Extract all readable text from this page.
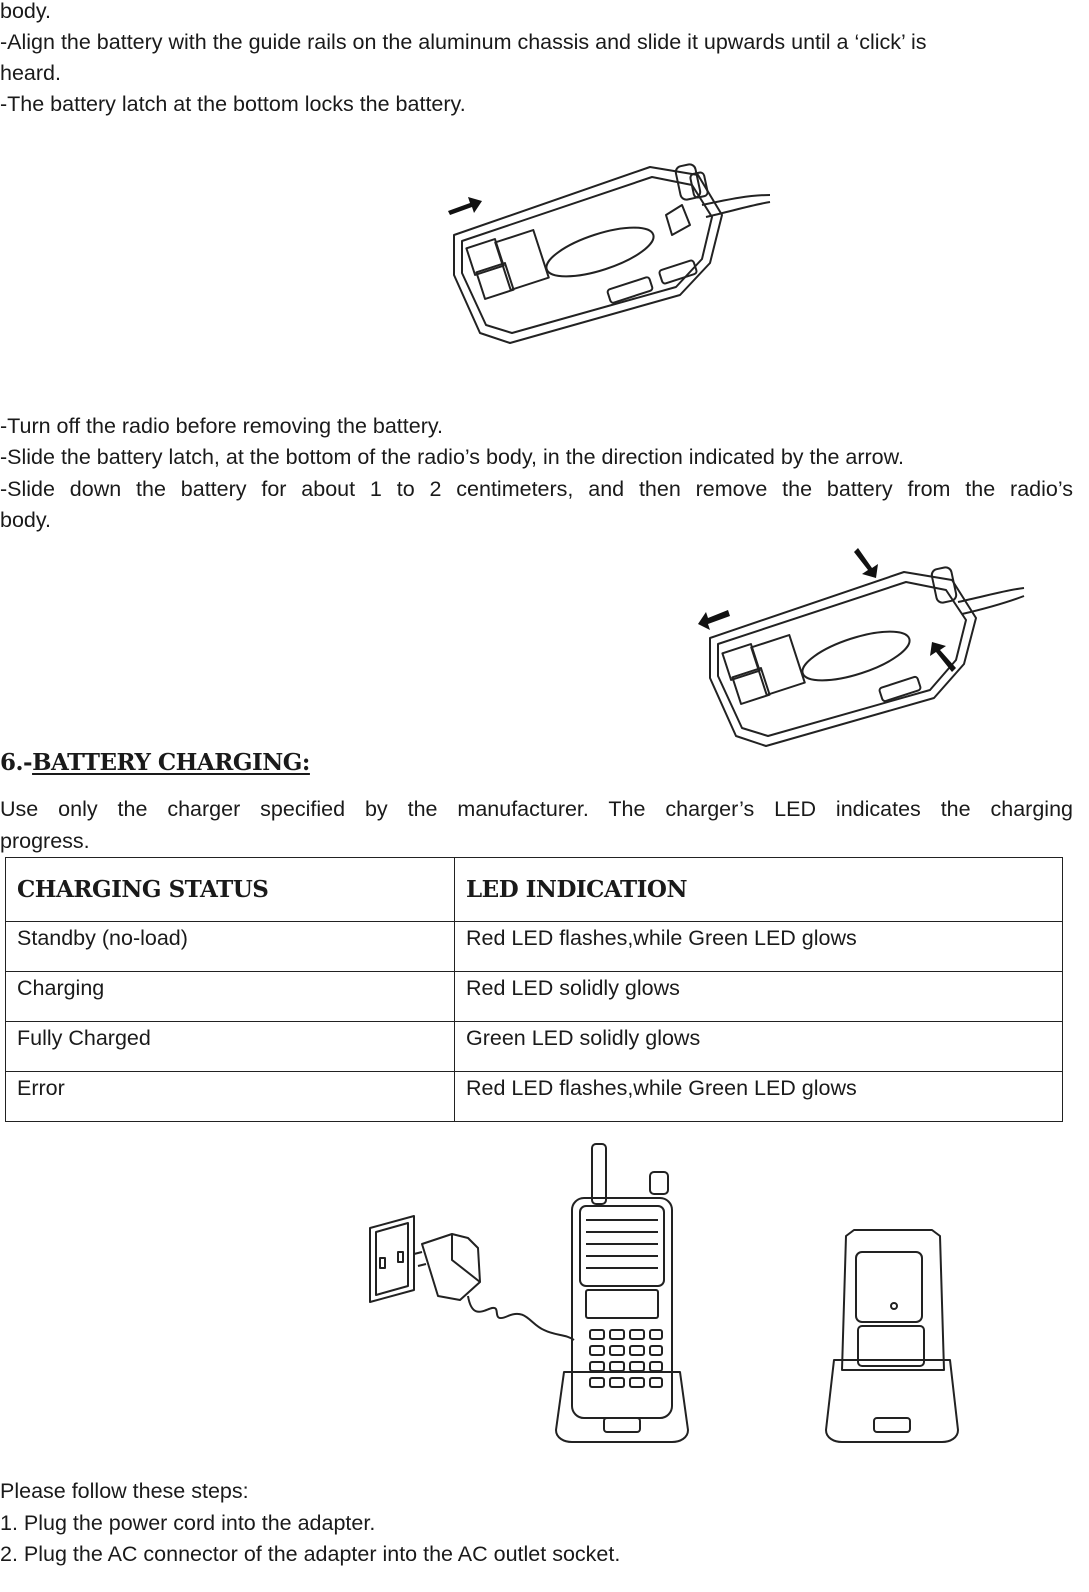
body.

-Align the battery with the guide rails on the aluminum chassis and slide it upwards until a ‘click’ is

heard.

-The battery latch at the bottom locks the battery.

-Turn off the radio before removing the battery.

-Slide the battery latch, at the bottom of the radio’s body, in the direction indicated by the arrow.

-Slide down the battery for about 1 to 2 centimeters, and then remove the battery from the radio’s

body.

6.-BATTERY CHARGING:

Use only the charger specified by the manufacturer. The charger’s LED indicates the charging

progress.

CHARGING STATUS	LED INDICATION
Standby (no-load)	Red LED flashes,while Green LED glows
Charging	Red LED solidly glows
Fully Charged	Green LED solidly glows
Error	Red LED flashes,while Green LED glows

Please follow these steps:

1. Plug the power cord into the adapter.

2. Plug the AC connector of the adapter into the AC outlet socket.
